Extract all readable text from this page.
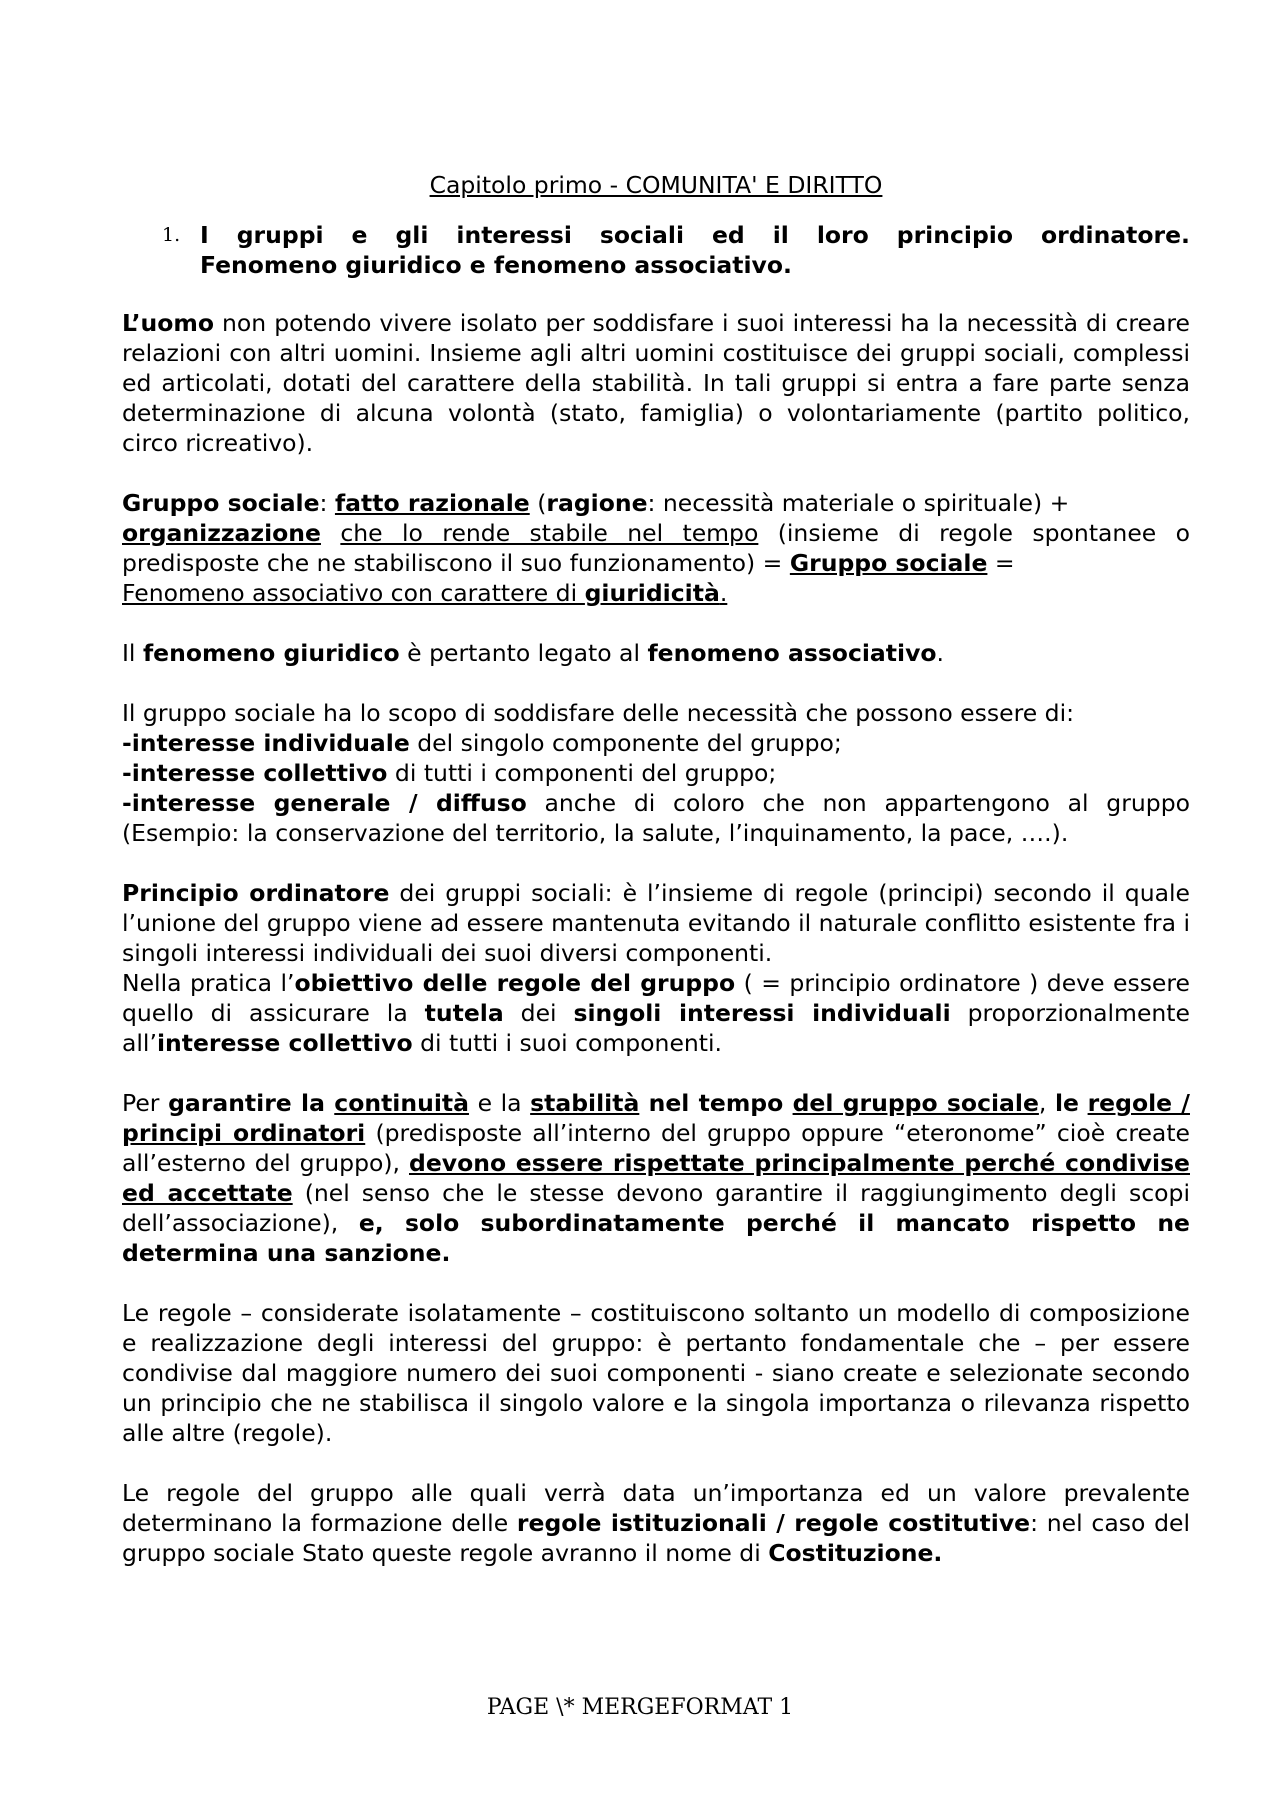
Capitolo primo - COMUNITA' E DIRITTO
1. I gruppi e gli interessi sociali ed il loro principio ordinatore.
Fenomeno giuridico e fenomeno associativo.

L’uomo non potendo vivere isolato per soddisfare i suoi interessi ha la necessità di creare relazioni con altri uomini. Insieme agli altri uomini costituisce dei gruppi sociali, complessi ed articolati, dotati del carattere della stabilità. In tali gruppi si entra a fare parte senza determinazione di alcuna volontà (stato, famiglia) o volontariamente (partito politico, circo ricreativo).

Gruppo sociale: fatto razionale (ragione: necessità materiale o spirituale) +
organizzazione che lo rende stabile nel tempo (insieme di regole spontanee o predisposte che ne stabiliscono il suo funzionamento) = Gruppo sociale =
Fenomeno associativo con carattere di giuridicità.

Il fenomeno giuridico è pertanto legato al fenomeno associativo.

Il gruppo sociale ha lo scopo di soddisfare delle necessità che possono essere di:
-interesse individuale del singolo componente del gruppo;
-interesse collettivo di tutti i componenti del gruppo;
-interesse generale / diffuso anche di coloro che non appartengono al gruppo (Esempio: la conservazione del territorio, la salute, l’inquinamento, la pace, ….).

Principio ordinatore dei gruppi sociali: è l’insieme di regole (principi) secondo il quale l’unione del gruppo viene ad essere mantenuta evitando il naturale conflitto esistente fra i singoli interessi individuali dei suoi diversi componenti.
Nella pratica l’obiettivo delle regole del gruppo ( = principio ordinatore ) deve essere quello di assicurare la tutela dei singoli interessi individuali proporzionalmente all’interesse collettivo di tutti i suoi componenti.

Per garantire la continuità e la stabilità nel tempo del gruppo sociale, le regole / principi ordinatori (predisposte all’interno del gruppo oppure “eteronome” cioè create all’esterno del gruppo), devono essere rispettate principalmente perché condivise ed accettate (nel senso che le stesse devono garantire il raggiungimento degli scopi dell’associazione), e, solo subordinatamente perché il mancato rispetto ne determina una sanzione.

Le regole – considerate isolatamente – costituiscono soltanto un modello di composizione e realizzazione degli interessi del gruppo: è pertanto fondamentale che – per essere condivise dal maggiore numero dei suoi componenti - siano create e selezionate secondo un principio che ne stabilisca il singolo valore e la singola importanza o rilevanza rispetto alle altre (regole).

Le regole del gruppo alle quali verrà data un’importanza ed un valore prevalente determinano la formazione delle regole istituzionali / regole costitutive: nel caso del gruppo sociale Stato queste regole avranno il nome di Costituzione.

PAGE \* MERGEFORMAT 1
